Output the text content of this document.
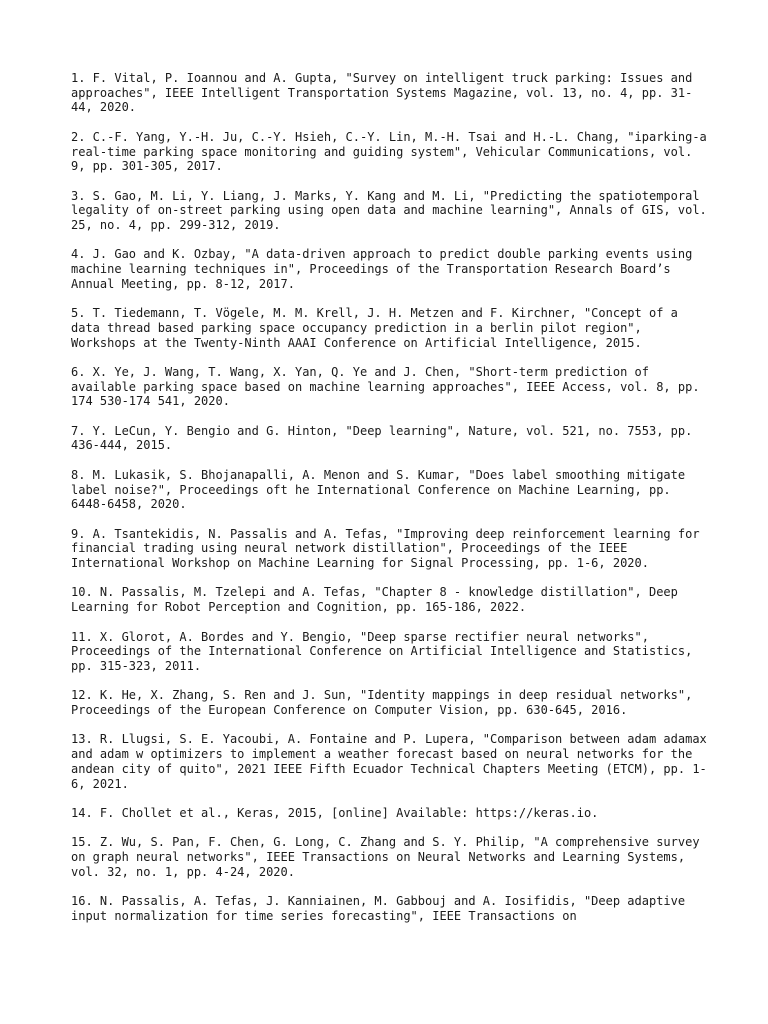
1. F. Vital, P. Ioannou and A. Gupta, "Survey on intelligent truck parking: Issues and approaches", IEEE Intelligent Transportation Systems Magazine, vol. 13, no. 4, pp. 31-44, 2020.

2. C.-F. Yang, Y.-H. Ju, C.-Y. Hsieh, C.-Y. Lin, M.-H. Tsai and H.-L. Chang, "iparking-a real-time parking space monitoring and guiding system", Vehicular Communications, vol. 9, pp. 301-305, 2017.

3. S. Gao, M. Li, Y. Liang, J. Marks, Y. Kang and M. Li, "Predicting the spatiotemporal legality of on-street parking using open data and machine learning", Annals of GIS, vol. 25, no. 4, pp. 299-312, 2019.

4. J. Gao and K. Ozbay, "A data-driven approach to predict double parking events using machine learning techniques in", Proceedings of the Transportation Research Board’s Annual Meeting, pp. 8-12, 2017.

5. T. Tiedemann, T. Vögele, M. M. Krell, J. H. Metzen and F. Kirchner, "Concept of a data thread based parking space occupancy prediction in a berlin pilot region", Workshops at the Twenty-Ninth AAAI Conference on Artificial Intelligence, 2015.

6. X. Ye, J. Wang, T. Wang, X. Yan, Q. Ye and J. Chen, "Short-term prediction of available parking space based on machine learning approaches", IEEE Access, vol. 8, pp. 174 530-174 541, 2020.

7. Y. LeCun, Y. Bengio and G. Hinton, "Deep learning", Nature, vol. 521, no. 7553, pp. 436-444, 2015.

8. M. Lukasik, S. Bhojanapalli, A. Menon and S. Kumar, "Does label smoothing mitigate label noise?", Proceedings oft he International Conference on Machine Learning, pp. 6448-6458, 2020.

9. A. Tsantekidis, N. Passalis and A. Tefas, "Improving deep reinforcement learning for financial trading using neural network distillation", Proceedings of the IEEE International Workshop on Machine Learning for Signal Processing, pp. 1-6, 2020.

10. N. Passalis, M. Tzelepi and A. Tefas, "Chapter 8 - knowledge distillation", Deep Learning for Robot Perception and Cognition, pp. 165-186, 2022.

11. X. Glorot, A. Bordes and Y. Bengio, "Deep sparse rectifier neural networks", Proceedings of the International Conference on Artificial Intelligence and Statistics, pp. 315-323, 2011.

12. K. He, X. Zhang, S. Ren and J. Sun, "Identity mappings in deep residual networks", Proceedings of the European Conference on Computer Vision, pp. 630-645, 2016.

13. R. Llugsi, S. E. Yacoubi, A. Fontaine and P. Lupera, "Comparison between adam adamax and adam w optimizers to implement a weather forecast based on neural networks for the andean city of quito", 2021 IEEE Fifth Ecuador Technical Chapters Meeting (ETCM), pp. 1-6, 2021.

14. F. Chollet et al., Keras, 2015, [online] Available: https://keras.io.

15. Z. Wu, S. Pan, F. Chen, G. Long, C. Zhang and S. Y. Philip, "A comprehensive survey on graph neural networks", IEEE Transactions on Neural Networks and Learning Systems, vol. 32, no. 1, pp. 4-24, 2020.

16. N. Passalis, A. Tefas, J. Kanniainen, M. Gabbouj and A. Iosifidis, "Deep adaptive input normalization for time series forecasting", IEEE Transactions on
